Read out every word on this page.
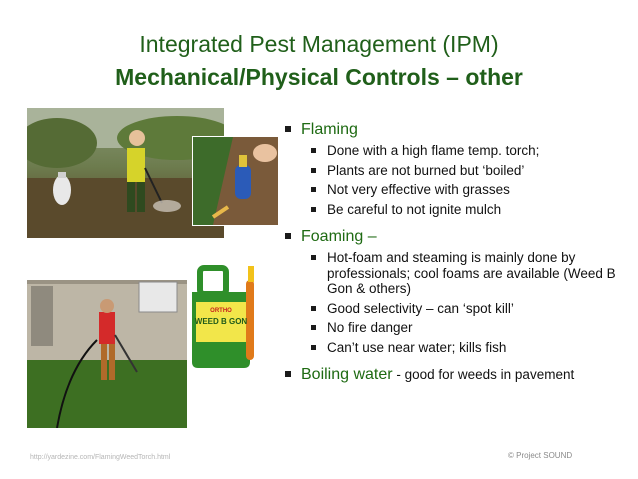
Integrated Pest Management (IPM)
Mechanical/Physical Controls – other
ORTHO
WEED B GON
Flaming
Done with a high flame temp. torch;
Plants are not burned but ‘boiled’
Not very effective with grasses
Be careful to not ignite mulch
Foaming –
Hot-foam and steaming is mainly done by professionals; cool foams are available (Weed B Gon & others)
Good selectivity – can ‘spot kill’
No fire danger
Can’t use near water; kills fish
Boiling water - good for weeds in pavement
http://yardezine.com/FlamingWeedTorch.html	© Project SOUND
